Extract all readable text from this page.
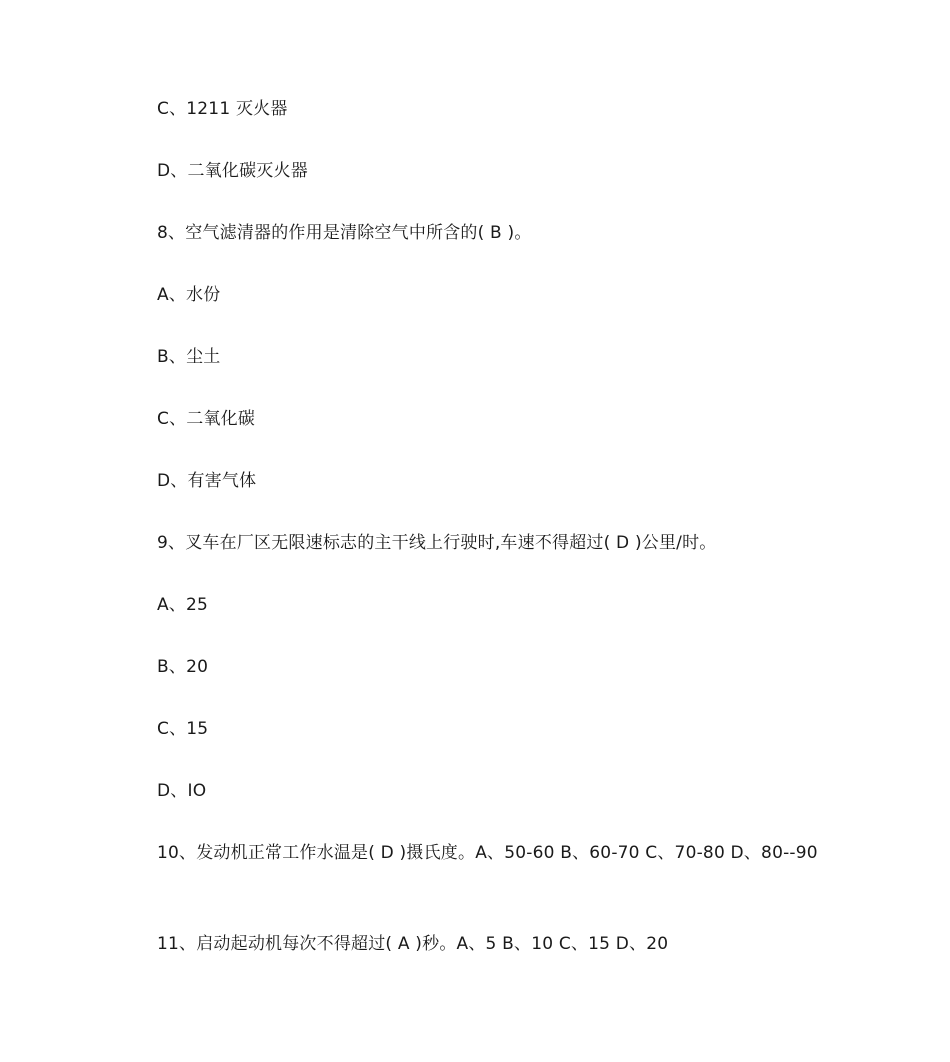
C、1211 灭火器
D、二氧化碳灭火器
8、空气滤清器的作用是清除空气中所含的( B )。
A、水份
B、尘土
C、二氧化碳
D、有害气体
9、叉车在厂区无限速标志的主干线上行驶时,车速不得超过( D )公里/时。
A、25
B、20
C、15
D、IO
10、发动机正常工作水温是( D )摄氏度。A、50-60 B、60-70 C、70-80 D、80--90
11、启动起动机每次不得超过( A )秒。A、5 B、10 C、15 D、20
